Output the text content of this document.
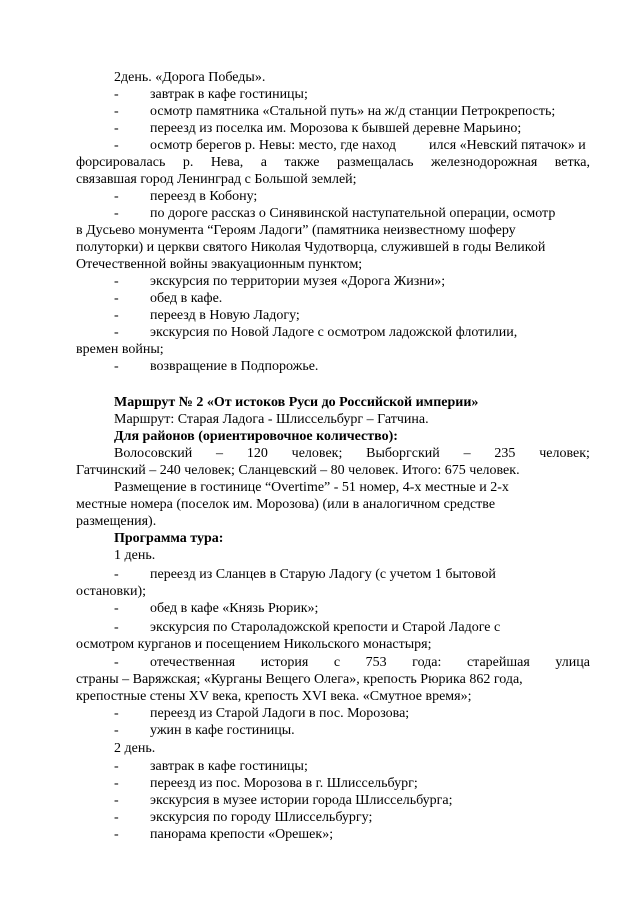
2день. «Дорога Победы».
- завтрак в кафе гостиницы;
- осмотр памятника «Стальной путь» на ж/д станции Петрокрепость;
- переезд из поселка им. Морозова к бывшей деревне Марьино;
- осмотр берегов р. Невы: место, где наход ился «Невский пятачок» и
форсировалась р. Нева, а также размещалась железнодорожная ветка,
связавшая город Ленинград с Большой землей;
- переезд в Кобону;
- по дороге рассказ о Синявинской наступательной операции, осмотр
в Дусьево монумента “Героям Ладоги” (памятника неизвестному шоферу
полуторки) и церкви святого Николая Чудотворца, служившей в годы Великой
Отечественной войны эвакуационным пунктом;
- экскурсия по территории музея «Дорога Жизни»;
- обед в кафе.
- переезд в Новую Ладогу;
- экскурсия по Новой Ладоге с осмотром ладожской флотилии,
времен войны;
- возвращение в Подпорожье.
Маршрут № 2 «От истоков Руси до Российской империи»
Маршрут: Старая Ладога - Шлиссельбург – Гатчина.
Для районов (ориентировочное количество):
Волосовский – 120 человек; Выборгский – 235 человек;
Гатчинский – 240 человек; Сланцевский – 80 человек. Итого: 675 человек.
Размещение в гостинице “Overtime” - 51 номер, 4-х местные и 2-х
местные номера (поселок им. Морозова) (или в аналогичном средстве
размещения).
Программа тура:
1 день.
- переезд из Сланцев в Старую Ладогу (с учетом 1 бытовой
остановки);
- обед в кафе «Князь Рюрик»;
- экскурсия по Староладожской крепости и Старой Ладоге с
осмотром курганов и посещением Никольского монастыря;
- отечественная история с 753 года: старейшая улица
страны – Варяжская; «Курганы Вещего Олега», крепость Рюрика 862 года,
крепостные стены XV века, крепость XVI века. «Смутное время»;
- переезд из Старой Ладоги в пос. Морозова;
- ужин в кафе гостиницы.
2 день.
- завтрак в кафе гостиницы;
- переезд из пос. Морозова в г. Шлиссельбург;
- экскурсия в музее истории города Шлиссельбурга;
- экскурсия по городу Шлиссельбургу;
- панорама крепости «Орешек»;
